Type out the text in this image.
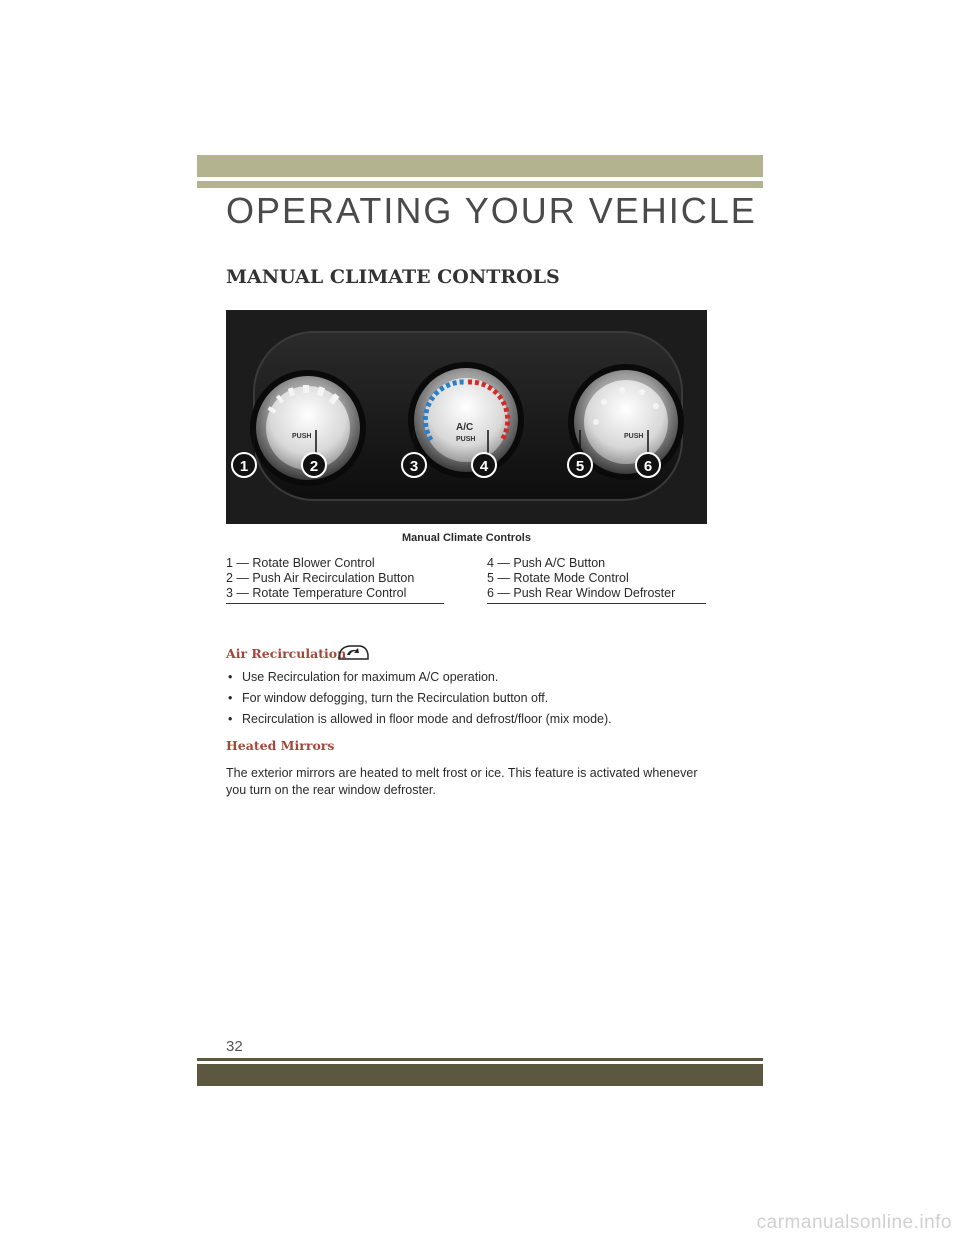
OPERATING YOUR VEHICLE
MANUAL CLIMATE CONTROLS
PUSH
A/C
PUSH	PUSH
1	2	3	4	5	6
Manual Climate Controls
1 — Rotate Blower Control
2 — Push Air Recirculation Button
3 — Rotate Temperature Control
4 — Push A/C Button
5 — Rotate Mode Control
6 — Push Rear Window Defroster
Air Recirculation
• Use Recirculation for maximum A/C operation.
• For window defogging, turn the Recirculation button off.
• Recirculation is allowed in floor mode and defrost/floor (mix mode).
Heated Mirrors

The exterior mirrors are heated to melt frost or ice. This feature is activated whenever you turn on the rear window defroster.

32
carmanualsonline.info
